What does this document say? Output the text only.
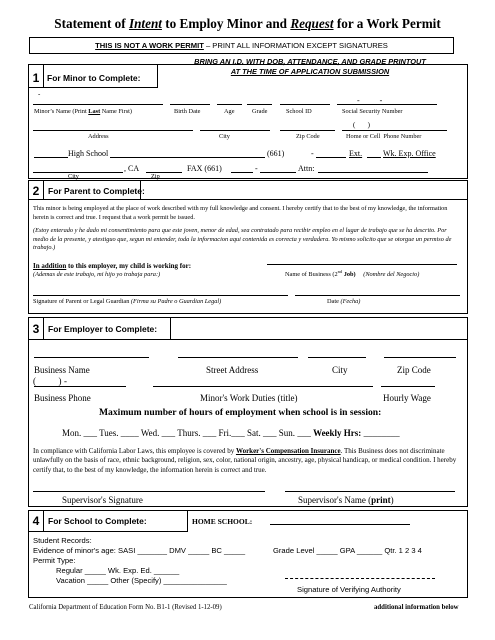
Statement of Intent to Employ Minor and Request for a Work Permit
THIS IS NOT A WORK PERMIT – PRINT ALL INFORMATION EXCEPT SIGNATURES
BRING AN I.D. WITH DOB, ATTENDANCE, AND GRADE PRINTOUT
AT THE TIME OF APPLICATION SUBMISSION
1 For Minor to Complete:
-
-          -
Minor’s Name (Print Last Name First)	Birth Date	Age	Grade	School ID	Social Security Number
(       )
Address	City	Zip Code	Home or Cell  Phone Number
High School	(661)	-	Ext.	Wk. Exp. Office
, CA	FAX (661)	-	Attn:
City	Zip
2	For Parent to Complete:
This minor is being employed at the place of work described with my full knowledge and consent. I hereby certify that to the best of my knowledge, the information herein is correct and true. I request that a work permit be issued.
(Estoy enterado y he dado mi consentimiento para que este joven, menor de edad, sea contratado para recibir empleo en el lugar de trabajo que se ha descrito. Por medio de la presente, y atestiguo que, segun mi entender, toda la informacion aqui contenida es correcta y verdadera. Yo mismo solicito que se otorgue un permiso de trabajo.)
In addition to this employer, my child is working for:
(Ademas de este trabajo, mi hijo yo trabaja para:)	Name of Business (2nd Job) (Nombre del Negocio)
Signature of Parent or Legal Guardian (Firma su Padre o Guardian Legal)	Date (Fecha)
3	For Employer to Complete:
Business Name	Street Address	City	Zip Code
(          ) -
Business Phone	Minor's Work Duties (title)	Hourly Wage
Maximum number of hours of employment when school is in session:
Mon. ___ Tues. ____ Wed. ___ Thurs. ___ Fri.___ Sat. ___ Sun. ___ Weekly Hrs: ________
In compliance with California Labor Laws, this employee is covered by Worker's Compensation Insurance. This Business does not discriminate unlawfully on the basis of race, ethnic background, religion, sex, color, national origin, ancestry, age, physical handicap, or medical condition. I hereby certify that, to the best of my knowledge, the information herein is correct and true.
Supervisor's Signature	Supervisor's Name (print)
4	For School to Complete:	HOME SCHOOL:
Student Records:
Evidence of minor's age: SASI _______ DMV _____ BC _____	Grade Level _____ GPA ______ Qtr. 1 2 3 4
Permit Type:
Regular _____ Wk. Exp. Ed. ______
Vacation _____ Other (Specify) _______________
Signature of Verifying Authority
California Department of Education Form No. B1-1 (Revised 1-12-09)	additional information below
